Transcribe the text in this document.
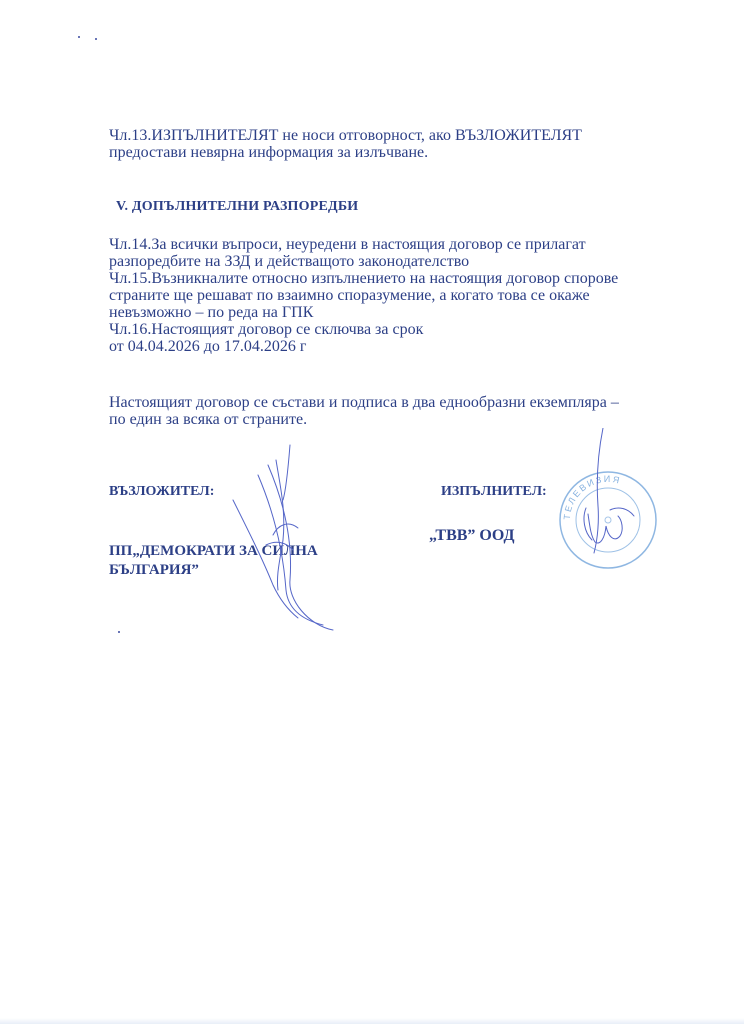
Чл.13.ИЗПЪЛНИТЕЛЯТ не носи отговорност, ако ВЪЗЛОЖИТЕЛЯТ
предостави невярна информация за излъчване.
V. ДОПЪЛНИТЕЛНИ РАЗПОРЕДБИ
Чл.14.За всички въпроси, неуредени в настоящия договор се прилагат
разпоредбите на ЗЗД и действащото законодателство
Чл.15.Възникналите относно изпълнението на настоящия договор спорове
страните ще решават по взаимно споразумение, а когато това се окаже
невъзможно – по реда на ГПК
Чл.16.Настоящият договор се сключва за срок
от 04.04.2026 до 17.04.2026 г
Настоящият договор се състави и подписа в два еднообразни екземпляра –
по един за всяка от страните.
ВЪЗЛОЖИТЕЛ:	ИЗПЪЛНИТЕЛ:
„ТВВ” ООД
ПП„ДЕМОКРАТИ ЗА СИЛНА
БЪЛГАРИЯ”
ТЕЛЕВИЗИЯ
